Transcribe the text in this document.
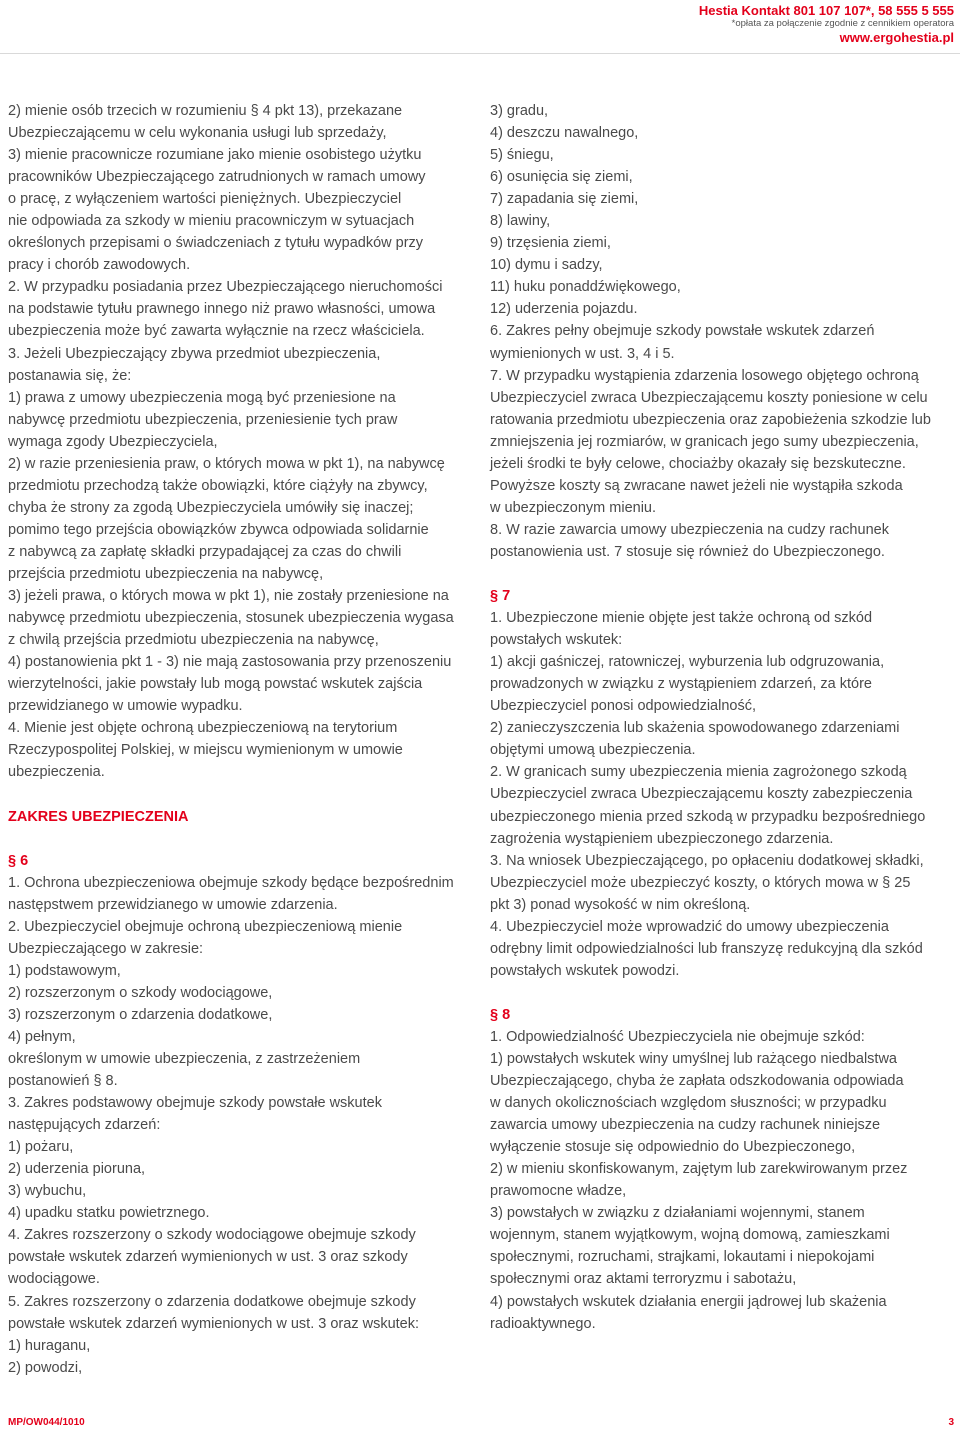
Hestia Kontakt 801 107 107*, 58 555 5 555
*opłata za połączenie zgodnie z cennikiem operatora
www.ergohestia.pl

2) mienie osób trzecich w rozumieniu § 4 pkt 13), przekazane

Ubezpieczającemu w celu wykonania usługi lub sprzedaży,

3) mienie pracownicze rozumiane jako mienie osobistego użytku

pracowników Ubezpieczającego zatrudnionych w ramach umowy

o pracę, z wyłączeniem wartości pieniężnych. Ubezpieczyciel

nie odpowiada za szkody w mieniu pracowniczym w sytuacjach

określonych przepisami o świadczeniach z tytułu wypadków przy

pracy i chorób zawodowych.

2. W przypadku posiadania przez Ubezpieczającego nieruchomości

na podstawie tytułu prawnego innego niż prawo własności, umowa

ubezpieczenia może być zawarta wyłącznie na rzecz właściciela.

3. Jeżeli Ubezpieczający zbywa przedmiot ubezpieczenia,

postanawia się, że:

1) prawa z umowy ubezpieczenia mogą być przeniesione na

nabywcę przedmiotu ubezpieczenia, przeniesienie tych praw

wymaga zgody Ubezpieczyciela,

2) w razie przeniesienia praw, o których mowa w pkt 1), na nabywcę

przedmiotu przechodzą także obowiązki, które ciążyły na zbywcy,

chyba że strony za zgodą Ubezpieczyciela umówiły się inaczej;

pomimo tego przejścia obowiązków zbywca odpowiada solidarnie

z nabywcą za zapłatę składki przypadającej za czas do chwili

przejścia przedmiotu ubezpieczenia na nabywcę,

3) jeżeli prawa, o których mowa w pkt 1), nie zostały przeniesione na

nabywcę przedmiotu ubezpieczenia, stosunek ubezpieczenia wygasa

z chwilą przejścia przedmiotu ubezpieczenia na nabywcę,

4) postanowienia pkt 1 - 3) nie mają zastosowania przy przenoszeniu

wierzytelności, jakie powstały lub mogą powstać wskutek zajścia

przewidzianego w umowie wypadku.

4. Mienie jest objęte ochroną ubezpieczeniową na terytorium

Rzeczypospolitej Polskiej, w miejscu wymienionym w umowie

ubezpieczenia.

ZAKRES UBEZPIECZENIA

§ 6

1. Ochrona ubezpieczeniowa obejmuje szkody będące bezpośrednim

następstwem przewidzianego w umowie zdarzenia.

2. Ubezpieczyciel obejmuje ochroną ubezpieczeniową mienie

Ubezpieczającego w zakresie:

1) podstawowym,

2) rozszerzonym o szkody wodociągowe,

3) rozszerzonym o zdarzenia dodatkowe,

4) pełnym,

określonym w umowie ubezpieczenia, z zastrzeżeniem

postanowień § 8.

3. Zakres podstawowy obejmuje szkody powstałe wskutek

następujących zdarzeń:

1) pożaru,

2) uderzenia pioruna,

3) wybuchu,

4) upadku statku powietrznego.

4. Zakres rozszerzony o szkody wodociągowe obejmuje szkody

powstałe wskutek zdarzeń wymienionych w ust. 3 oraz szkody

wodociągowe.

5. Zakres rozszerzony o zdarzenia dodatkowe obejmuje szkody

powstałe wskutek zdarzeń wymienionych w ust. 3 oraz wskutek:

1) huraganu,

2) powodzi,

3) gradu,

4) deszczu nawalnego,

5) śniegu,

6) osunięcia się ziemi,

7) zapadania się ziemi,

8) lawiny,

9) trzęsienia ziemi,

10) dymu i sadzy,

11) huku ponaddźwiękowego,

12) uderzenia pojazdu.

6. Zakres pełny obejmuje szkody powstałe wskutek zdarzeń

wymienionych w ust. 3, 4 i 5.

7. W przypadku wystąpienia zdarzenia losowego objętego ochroną

Ubezpieczyciel zwraca Ubezpieczającemu koszty poniesione w celu

ratowania przedmiotu ubezpieczenia oraz zapobieżenia szkodzie lub

zmniejszenia jej rozmiarów, w granicach jego sumy ubezpieczenia,

jeżeli środki te były celowe, chociażby okazały się bezskuteczne.

Powyższe koszty są zwracane nawet jeżeli nie wystąpiła szkoda

w ubezpieczonym mieniu.

8. W razie zawarcia umowy ubezpieczenia na cudzy rachunek

postanowienia ust. 7 stosuje się również do Ubezpieczonego.

§ 7

1. Ubezpieczone mienie objęte jest także ochroną od szkód

powstałych wskutek:

1) akcji gaśniczej, ratowniczej, wyburzenia lub odgruzowania,

prowadzonych w związku z wystąpieniem zdarzeń, za które

Ubezpieczyciel ponosi odpowiedzialność,

2) zanieczyszczenia lub skażenia spowodowanego zdarzeniami

objętymi umową ubezpieczenia.

2. W granicach sumy ubezpieczenia mienia zagrożonego szkodą

Ubezpieczyciel zwraca Ubezpieczającemu koszty zabezpieczenia

ubezpieczonego mienia przed szkodą w przypadku bezpośredniego

zagrożenia wystąpieniem ubezpieczonego zdarzenia.

3. Na wniosek Ubezpieczającego, po opłaceniu dodatkowej składki,

Ubezpieczyciel może ubezpieczyć koszty, o których mowa w § 25

pkt 3) ponad wysokość w nim określoną.

4. Ubezpieczyciel może wprowadzić do umowy ubezpieczenia

odrębny limit odpowiedzialności lub franszyzę redukcyjną dla szkód

powstałych wskutek powodzi.

§ 8

1. Odpowiedzialność Ubezpieczyciela nie obejmuje szkód:

1) powstałych wskutek winy umyślnej lub rażącego niedbalstwa

Ubezpieczającego, chyba że zapłata odszkodowania odpowiada

w danych okolicznościach względom słuszności; w przypadku

zawarcia umowy ubezpieczenia na cudzy rachunek niniejsze

wyłączenie stosuje się odpowiednio do Ubezpieczonego,

2) w mieniu skonfiskowanym, zajętym lub zarekwirowanym przez

prawomocne władze,

3) powstałych w związku z działaniami wojennymi, stanem

wojennym, stanem wyjątkowym, wojną domową, zamieszkami

społecznymi, rozruchami, strajkami, lokautami i niepokojami

społecznymi oraz aktami terroryzmu i sabotażu,

4) powstałych wskutek działania energii jądrowej lub skażenia

radioaktywnego.

MP/OW044/1010	3
